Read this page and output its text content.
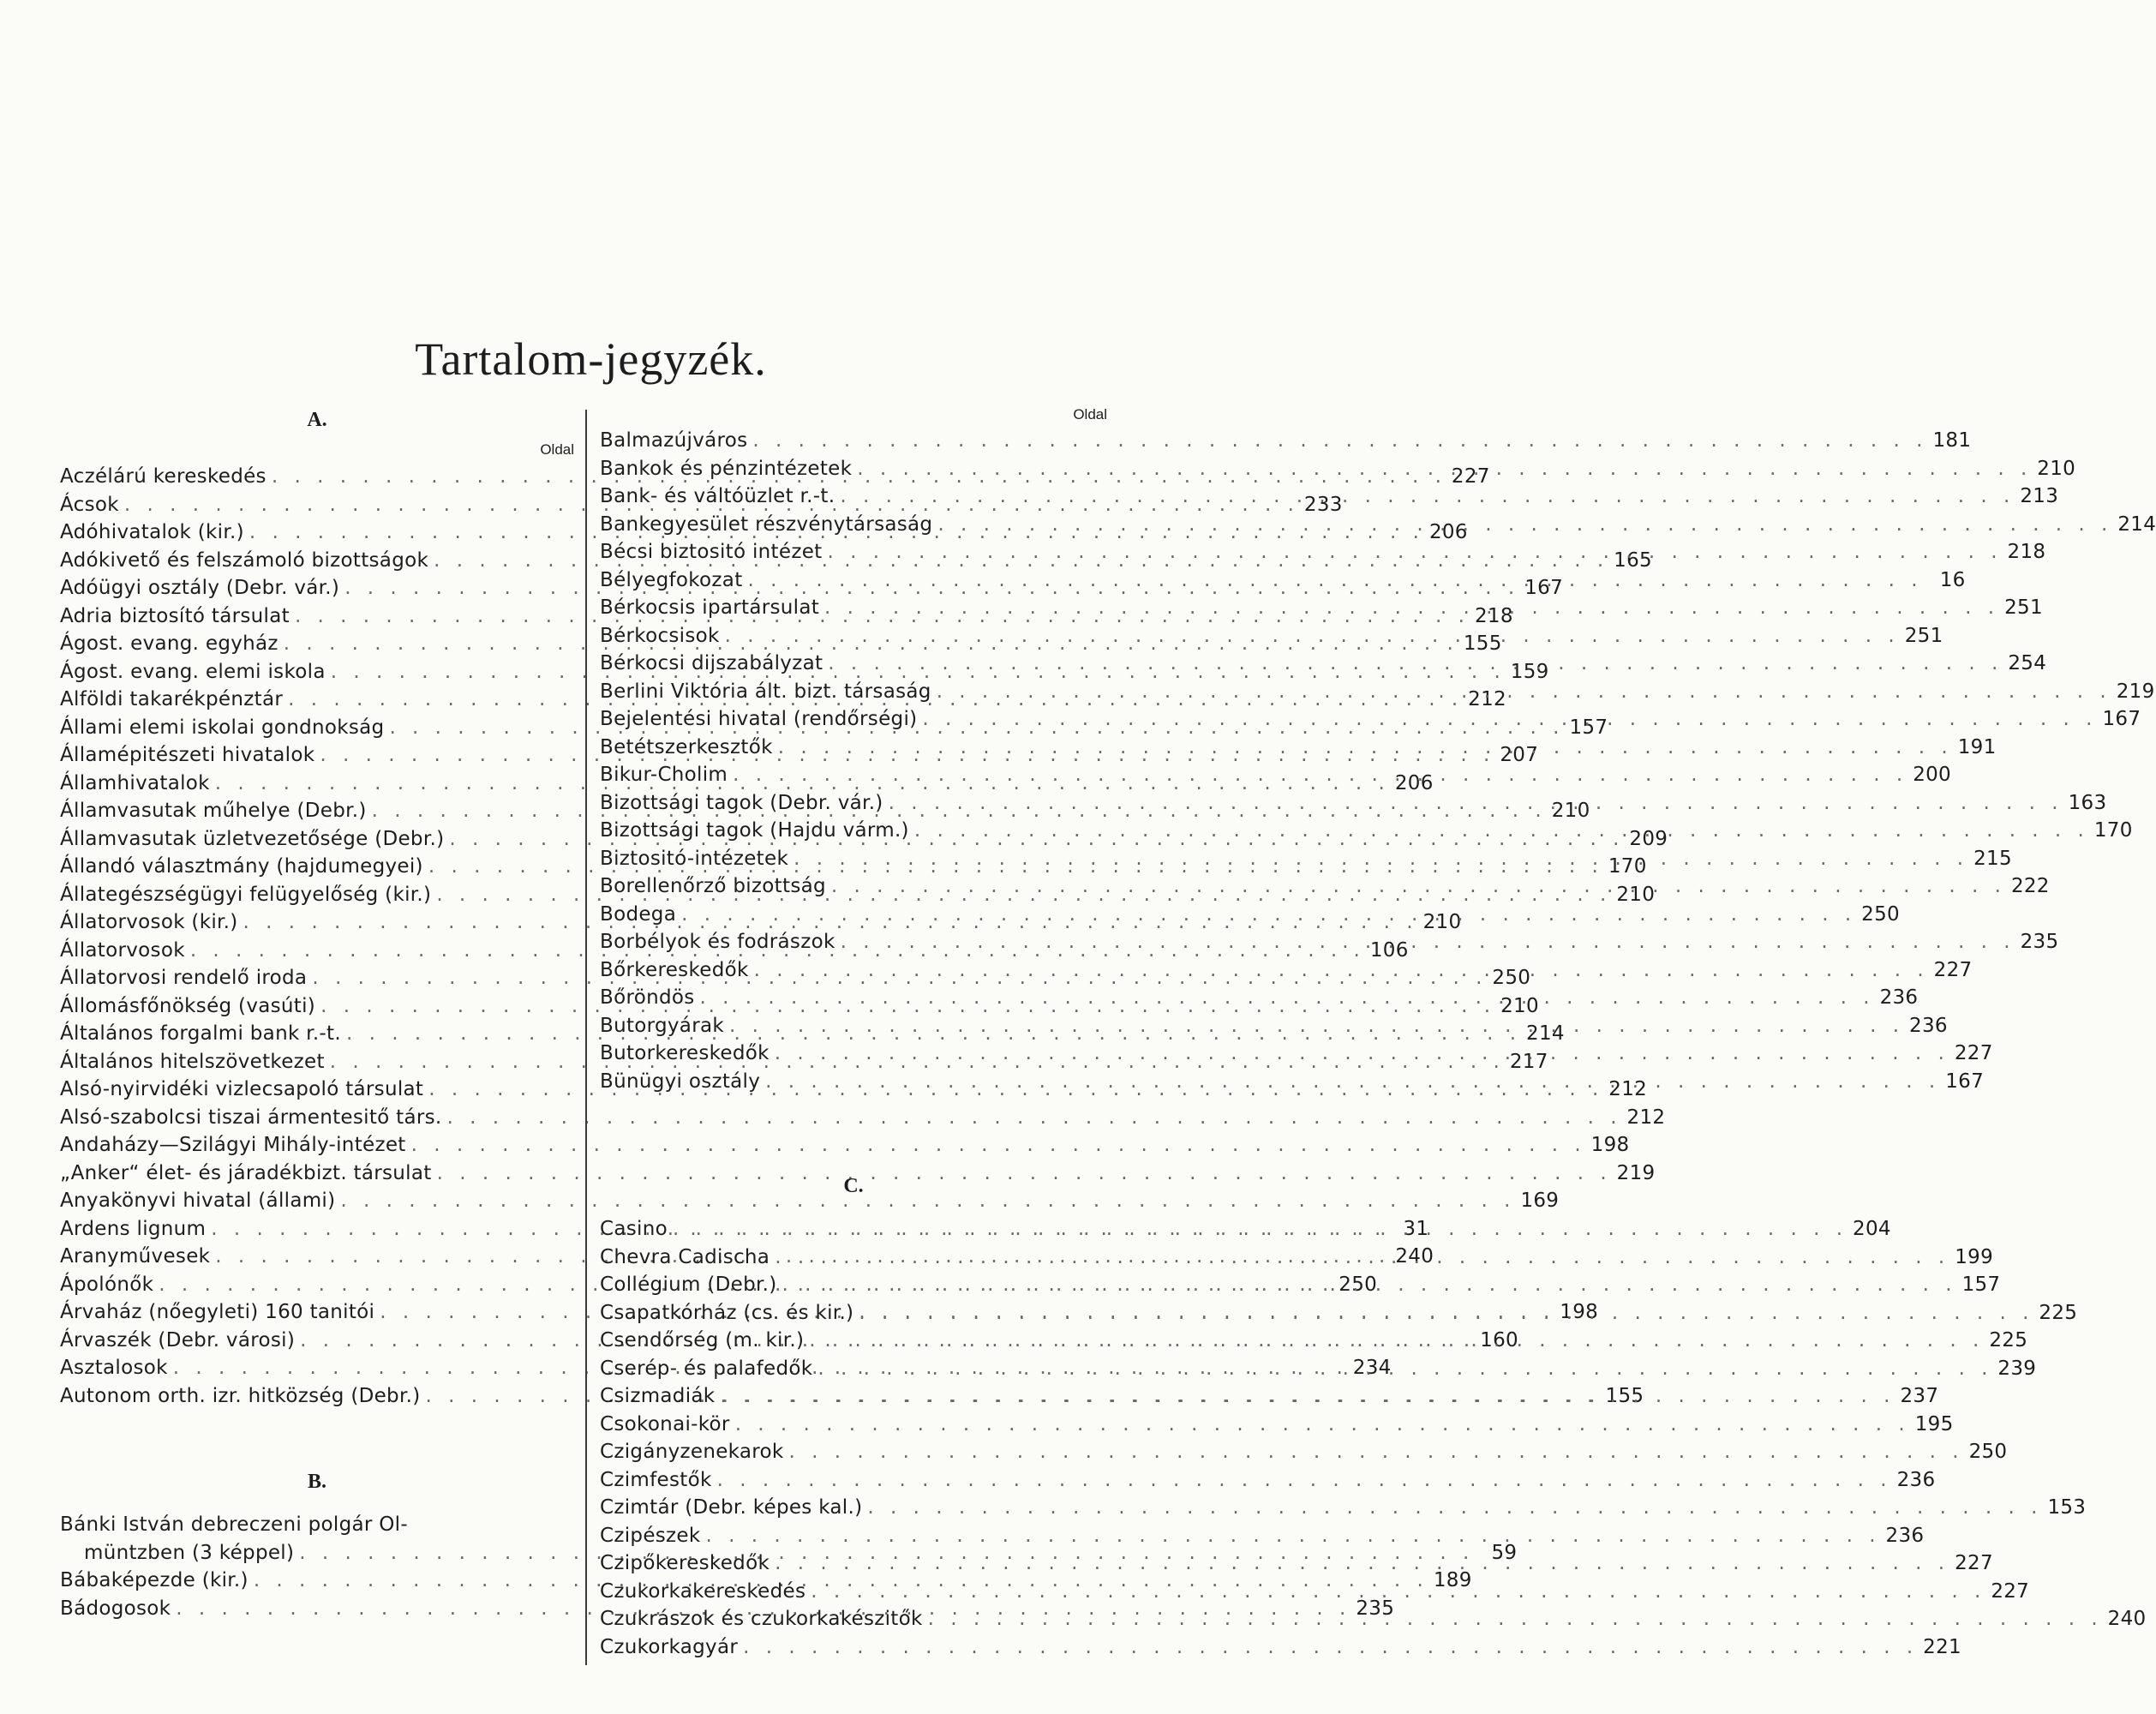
Tartalom-jegyzék.
A.
Oldal
Aczélárú kereskedés . . .	227
Ácsok . . .	233
Adóhivatalok (kir.) . . .	206
Adókivető és felszámoló bizottságok . . .	165
Adóügyi osztály (Debr. vár.) . . .	167
Adria biztosító társulat . . .	218
Ágost. evang. egyház . . .	155
Ágost. evang. elemi iskola . . .	159
Alföldi takarékpénztár . . .	212
Állami elemi iskolai gondnokság . . .	157
Államépitészeti hivatalok . . .	207
Államhivatalok . . .	206
Államvasutak műhelye (Debr.) . . .	210
Államvasutak üzletvezetősége (Debr.) . . .	209
Állandó választmány (hajdumegyei) . . .	170
Állategészségügyi felügyelőség (kir.) . . .	210
Állatorvosok (kir.) . . .	210
Állatorvosok . . .	106
Állatorvosi rendelő iroda . . .	250
Állomásfőnökség (vasúti) . . .	210
Általános forgalmi bank r.-t. . . .	214
Általános hitelszövetkezet . . .	217
Alsó-nyirvidéki vizlecsapoló társulat . . .	212
Alsó-szabolcsi tiszai ármentesitő társ. . . .	212
Andaházy—Szilágyi Mihály-intézet . . .	198
„Anker“ élet- és járadékbizt. társulat . . .	219
Anyakönyvi hivatal (állami) . . .	169
Ardens lignum . . .	31
Aranyművesek . . .	240
Ápolónők . . .	250
Árvaház (nőegyleti) 160 tanitói . . .	198
Árvaszék (Debr. városi) . . .	160
Asztalosok . . .	234
Autonom orth. izr. hitközség (Debr.) . . .	155
B.
Bánki István debreczeni polgár Ol-
müntzben (3 képpel) . . .	59
Bábaképezde (kir.) . . .	189
Bádogosok . . .	235
Oldal
Balmazújváros . . .	181
Bankok és pénzintézetek . . .	210
Bank- és váltóüzlet r.-t. . . .	213
Bankegyesület részvénytársaság . . .	214
Bécsi biztositó intézet . . .	218
Bélyegfokozat . . .	16
Bérkocsis ipartársulat . . .	251
Bérkocsisok . . .	251
Bérkocsi dijszabályzat . . .	254
Berlini Viktória ált. bizt. társaság . . .	219
Bejelentési hivatal (rendőrségi) . . .	167
Betétszerkesztők . . .	191
Bikur-Cholim . . .	200
Bizottsági tagok (Debr. vár.) . . .	163
Bizottsági tagok (Hajdu várm.) . . .	170
Biztositó-intézetek . . .	215
Borellenőrző bizottság . . .	222
Bodega . . .	250
Borbélyok és fodrászok . . .	235
Bőrkereskedők . . .	227
Bőröndös . . .	236
Butorgyárak . . .	236
Butorkereskedők . . .	227
Bünügyi osztály . . .	167
C.
Casino . . .	204
Chevra Cadischa . . .	199
Collégium (Debr.) . . .	157
Csapatkórház (cs. és kir.) . . .	225
Csendőrség (m. kir.) . . .	225
Cserép- és palafedők . . .	239
Csizmadiák . . .	237
Csokonai-kör . . .	195
Czigányzenekarok . . .	250
Czimfestők . . .	236
Czimtár (Debr. képes kal.) . . .	153
Czipészek . . .	236
Czipőkereskedők . . .	227
Czukorkakereskedés . . .	227
Czukrászok és czukorkakészitők . . .	240
Czukorkagyár . . .	221
